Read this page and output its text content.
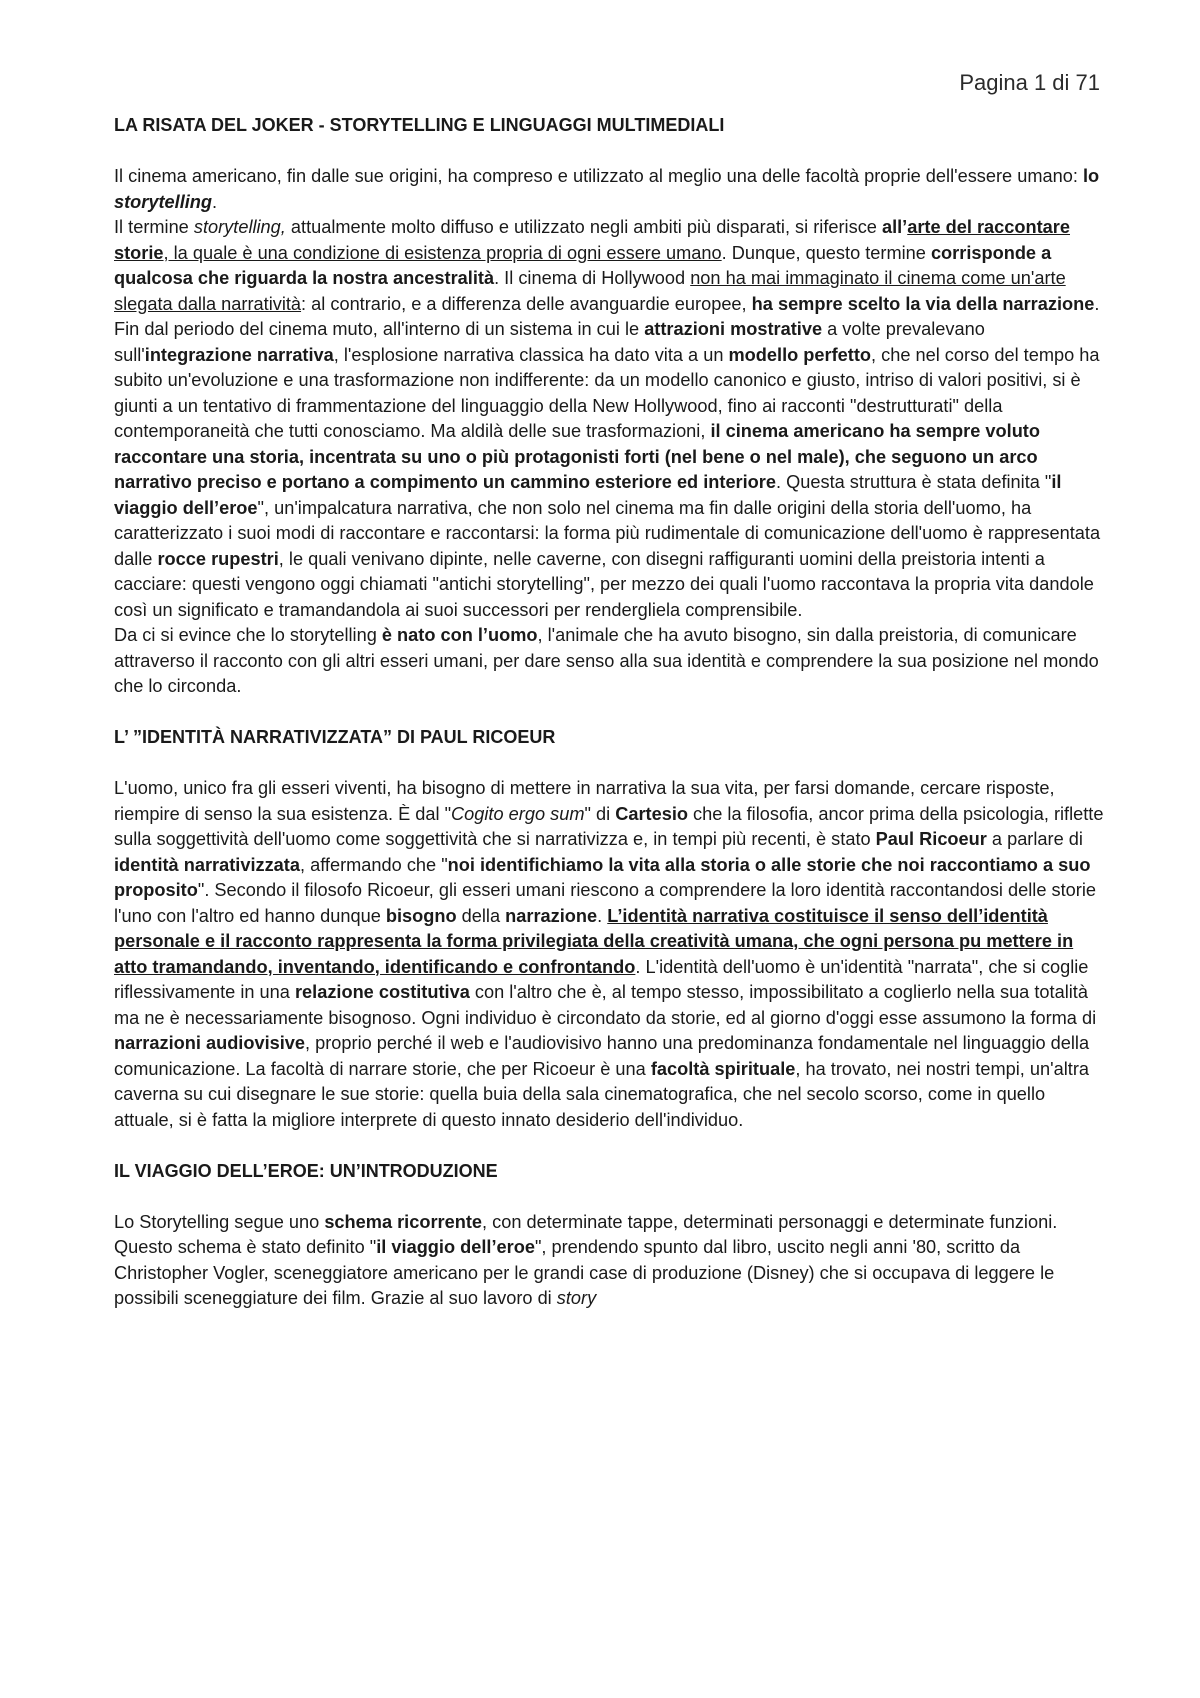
Pagina 1 di 71
LA RISATA DEL JOKER - STORYTELLING E LINGUAGGI MULTIMEDIALI

Il cinema americano, fin dalle sue origini, ha compreso e utilizzato al meglio una delle facoltà proprie dell'essere umano: lo storytelling.

Il termine storytelling, attualmente molto diffuso e utilizzato negli ambiti più disparati, si riferisce all’arte del raccontare storie, la quale è una condizione di esistenza propria di ogni essere umano. Dunque, questo termine corrisponde a qualcosa che riguarda la nostra ancestralità. Il cinema di Hollywood non ha mai immaginato il cinema come un'arte slegata dalla narratività: al contrario, e a differenza delle avanguardie europee, ha sempre scelto la via della narrazione. Fin dal periodo del cinema muto, all'interno di un sistema in cui le attrazioni mostrative a volte prevalevano sull'integrazione narrativa, l'esplosione narrativa classica ha dato vita a un modello perfetto, che nel corso del tempo ha subito un'evoluzione e una trasformazione non indifferente: da un modello canonico e giusto, intriso di valori positivi, si è giunti a un tentativo di frammentazione del linguaggio della New Hollywood, fino ai racconti "destrutturati" della contemporaneità che tutti conosciamo. Ma aldilà delle sue trasformazioni, il cinema americano ha sempre voluto raccontare una storia, incentrata su uno o più protagonisti forti (nel bene o nel male), che seguono un arco narrativo preciso e portano a compimento un cammino esteriore ed interiore. Questa struttura è stata definita "il viaggio dell’eroe", un'impalcatura narrativa, che non solo nel cinema ma fin dalle origini della storia dell'uomo, ha caratterizzato i suoi modi di raccontare e raccontarsi: la forma più rudimentale di comunicazione dell'uomo è rappresentata dalle rocce rupestri, le quali venivano dipinte, nelle caverne, con disegni raffiguranti uomini della preistoria intenti a cacciare: questi vengono oggi chiamati "antichi storytelling", per mezzo dei quali l'uomo raccontava la propria vita dandole così un significato e tramandandola ai suoi successori per rendergliela comprensibile.

Da ci si evince che lo storytelling è nato con l’uomo, l'animale che ha avuto bisogno, sin dalla preistoria, di comunicare attraverso il racconto con gli altri esseri umani, per dare senso alla sua identità e comprendere la sua posizione nel mondo che lo circonda.

L’ ”IDENTITÀ NARRATIVIZZATA” DI PAUL RICOEUR

L'uomo, unico fra gli esseri viventi, ha bisogno di mettere in narrativa la sua vita, per farsi domande, cercare risposte, riempire di senso la sua esistenza. È dal "Cogito ergo sum" di Cartesio che la filosofia, ancor prima della psicologia, riflette sulla soggettività dell'uomo come soggettività che si narrativizza e, in tempi più recenti, è stato Paul Ricoeur a parlare di identità narrativizzata, affermando che "noi identifichiamo la vita alla storia o alle storie che noi raccontiamo a suo proposito". Secondo il filosofo Ricoeur, gli esseri umani riescono a comprendere la loro identità raccontandosi delle storie l'uno con l'altro ed hanno dunque bisogno della narrazione. L’identità narrativa costituisce il senso dell’identità personale e il racconto rappresenta la forma privilegiata della creatività umana, che ogni persona pu mettere in atto tramandando, inventando, identificando e confrontando. L'identità dell'uomo è un'identità "narrata", che si coglie riflessivamente in una relazione costitutiva con l'altro che è, al tempo stesso, impossibilitato a coglierlo nella sua totalità ma ne è necessariamente bisognoso. Ogni individuo è circondato da storie, ed al giorno d'oggi esse assumono la forma di narrazioni audiovisive, proprio perché il web e l'audiovisivo hanno una predominanza fondamentale nel linguaggio della comunicazione. La facoltà di narrare storie, che per Ricoeur è una facoltà spirituale, ha trovato, nei nostri tempi, un'altra caverna su cui disegnare le sue storie: quella buia della sala cinematografica, che nel secolo scorso, come in quello attuale, si è fatta la migliore interprete di questo innato desiderio dell'individuo.

IL VIAGGIO DELL’EROE: UN’INTRODUZIONE

Lo Storytelling segue uno schema ricorrente, con determinate tappe, determinati personaggi e determinate funzioni.

Questo schema è stato definito "il viaggio dell’eroe", prendendo spunto dal libro, uscito negli anni '80, scritto da Christopher Vogler, sceneggiatore americano per le grandi case di produzione (Disney) che si occupava di leggere le possibili sceneggiature dei film. Grazie al suo lavoro di story
